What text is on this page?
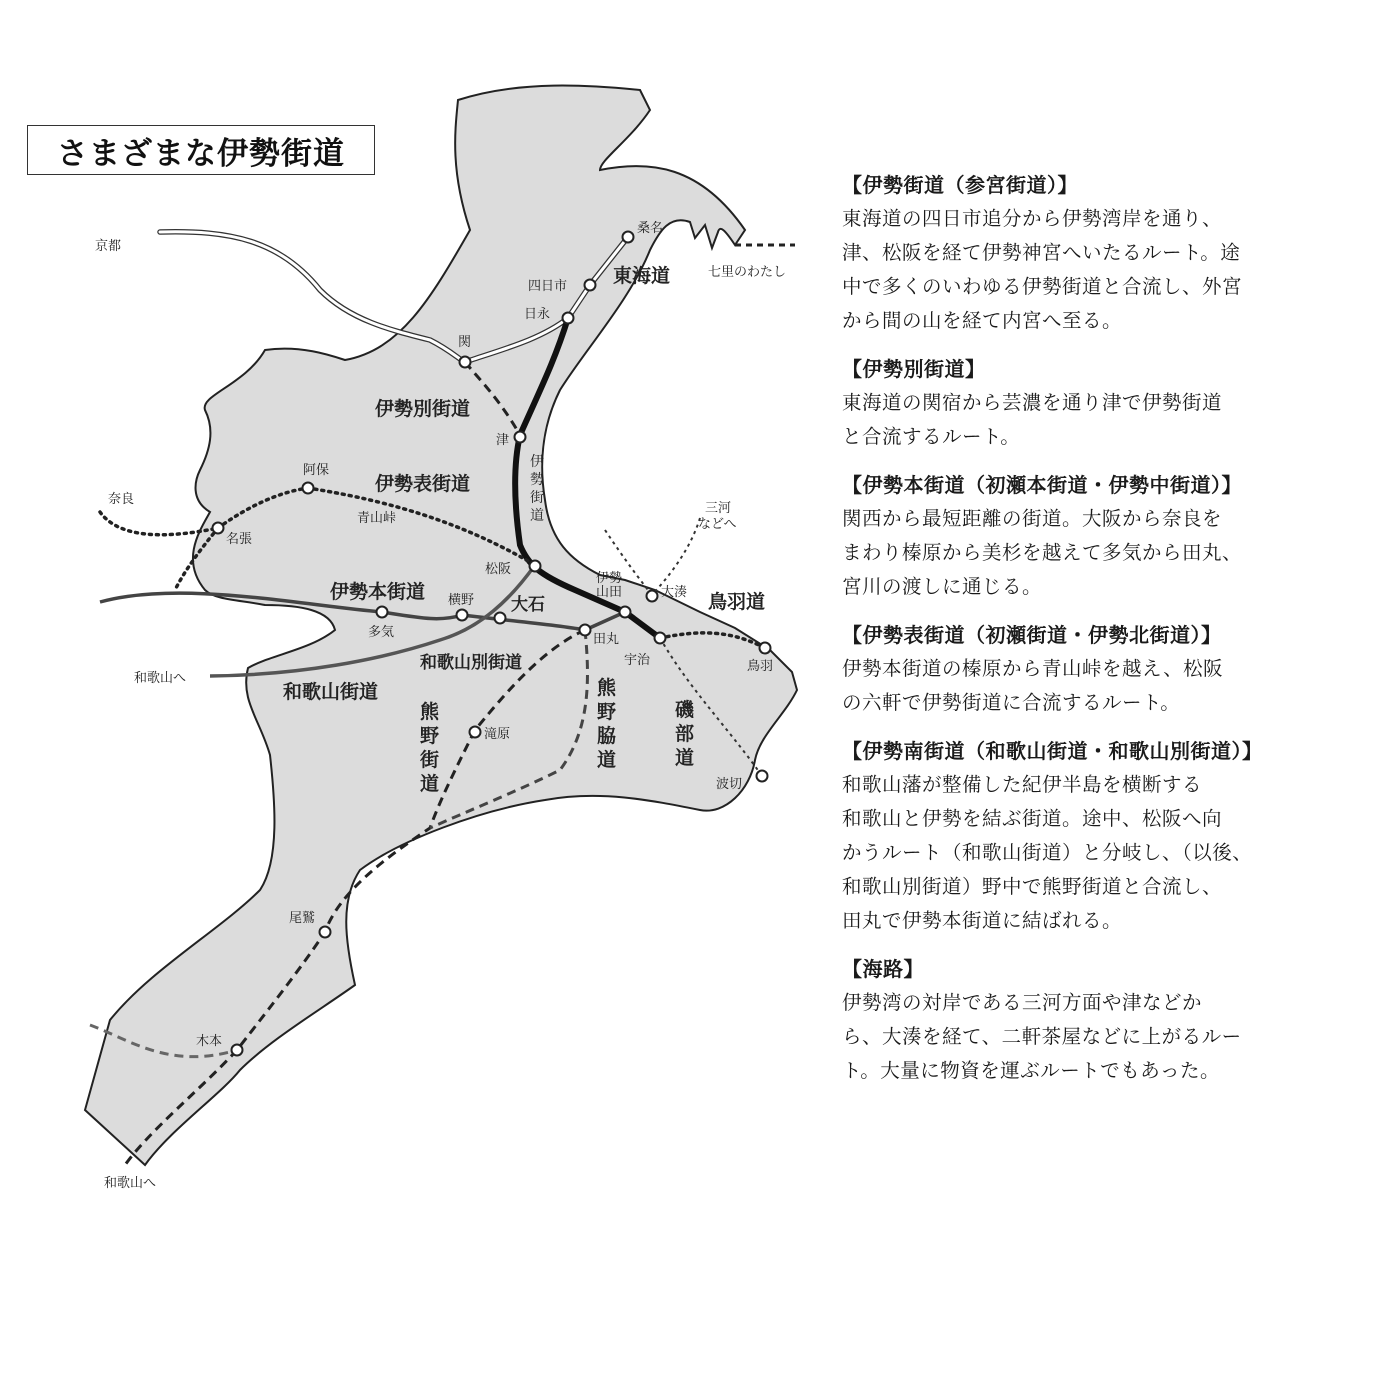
さまざまな伊勢街道
京都
桑名
七里のわたし
四日市
日永
関
津
阿保
奈良
名張
青山峠
松阪
三河 などへ
大湊
伊勢 山田
横野 大石
多気	田丸
宇治	鳥羽
和歌山へ
滝原
波切
尾鷲
木本
和歌山へ
東海道
伊勢別街道
伊勢表街道
伊勢本街道
和歌山別街道
和歌山街道
鳥羽道
伊勢街道
熊野街道
熊野脇道
磯部道
【伊勢街道（参宮街道）】
東海道の四日市追分から伊勢湾岸を通り、
津、松阪を経て伊勢神宮へいたるルート。途
中で多くのいわゆる伊勢街道と合流し、外宮
から間の山を経て内宮へ至る。
【伊勢別街道】
東海道の関宿から芸濃を通り津で伊勢街道
と合流するルート。
【伊勢本街道（初瀬本街道・伊勢中街道）】
関西から最短距離の街道。大阪から奈良を
まわり榛原から美杉を越えて多気から田丸、
宮川の渡しに通じる。
【伊勢表街道（初瀬街道・伊勢北街道）】
伊勢本街道の榛原から青山峠を越え、松阪
の六軒で伊勢街道に合流するルート。
【伊勢南街道（和歌山街道・和歌山別街道）】
和歌山藩が整備した紀伊半島を横断する
和歌山と伊勢を結ぶ街道。途中、松阪へ向
かうルート（和歌山街道）と分岐し、（以後、
和歌山別街道）野中で熊野街道と合流し、
田丸で伊勢本街道に結ばれる。
【海路】
伊勢湾の対岸である三河方面や津などか
ら、大湊を経て、二軒茶屋などに上がるルー
ト。大量に物資を運ぶルートでもあった。
